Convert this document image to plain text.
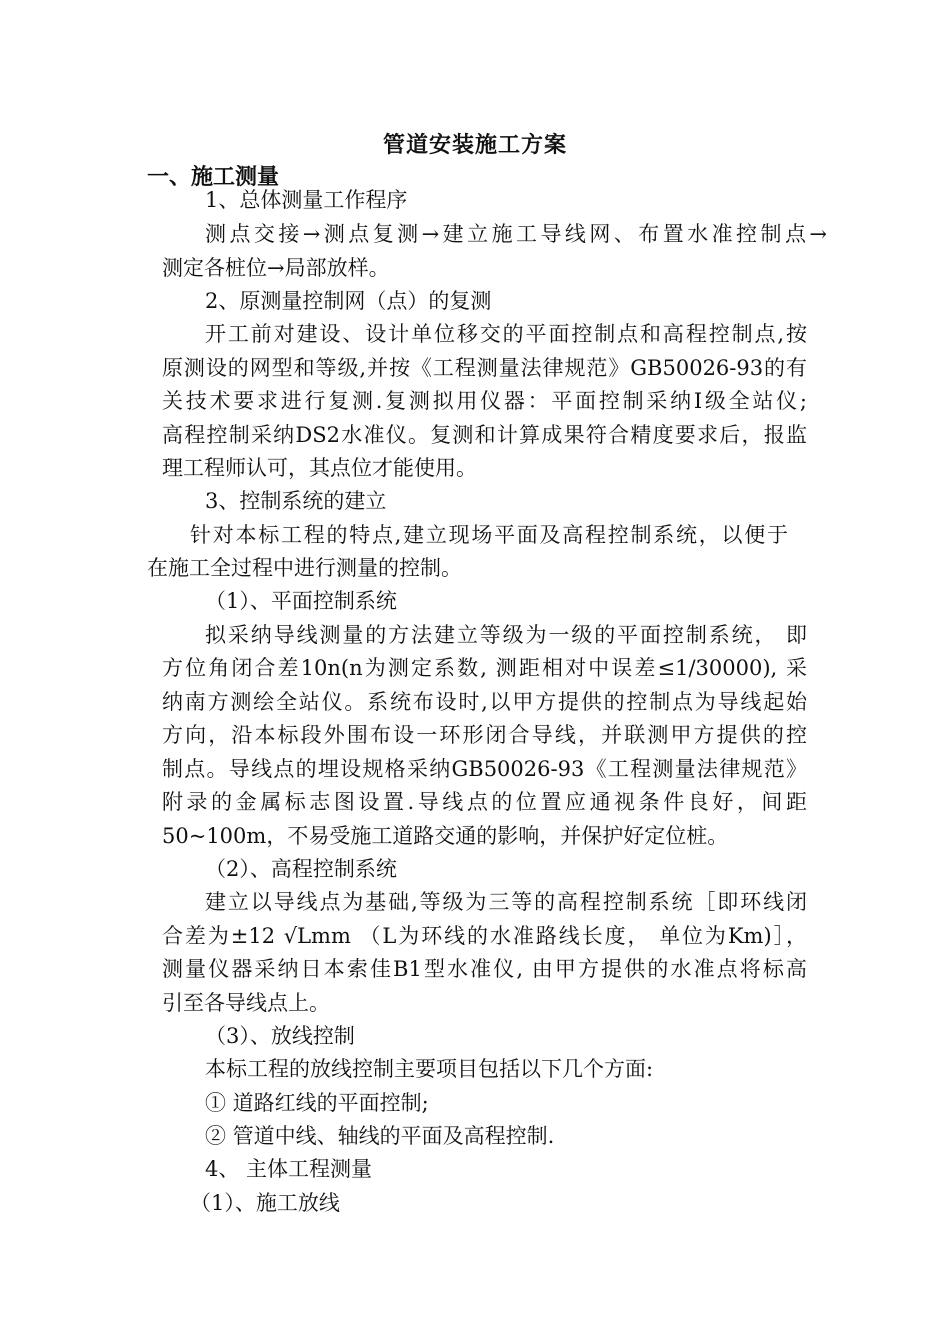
管道安装施工方案
一、施工测量
1、总体测量工作程序
测点交接→测点复测→建立施工导线网、布置水准控制点→
测定各桩位→局部放样。
2、原测量控制网（点）的复测
开工前对建设、设计单位移交的平面控制点和高程控制点,按
原测设的网型和等级,并按《工程测量法律规范》GB50026-93的有
关技术要求进行复测.复测拟用仪器：平面控制采纳Ⅰ级全站仪;
高程控制采纳DS2水准仪。复测和计算成果符合精度要求后，报监
理工程师认可，其点位才能使用。
3、控制系统的建立
针对本标工程的特点,建立现场平面及高程控制系统，以便于
在施工全过程中进行测量的控制。
（1）、平面控制系统
拟采纳导线测量的方法建立等级为一级的平面控制系统， 即
方位角闭合差10n(n为测定系数, 测距相对中误差≤1/30000), 采
纳南方测绘全站仪。系统布设时,以甲方提供的控制点为导线起始
方向，沿本标段外围布设一环形闭合导线，并联测甲方提供的控
制点。导线点的埋设规格采纳GB50026-93《工程测量法律规范》
附录的金属标志图设置.导线点的位置应通视条件良好，间距
50~100m，不易受施工道路交通的影响，并保护好定位桩。
（2）、高程控制系统
建立以导线点为基础,等级为三等的高程控制系统［即环线闭
合差为±12 √Lmm （L为环线的水准路线长度， 单位为Km)］，
测量仪器采纳日本索佳B1型水准仪, 由甲方提供的水准点将标高
引至各导线点上。
（3）、放线控制
本标工程的放线控制主要项目包括以下几个方面:
① 道路红线的平面控制;
② 管道中线、轴线的平面及高程控制.
4、 主体工程测量
（1）、施工放线
